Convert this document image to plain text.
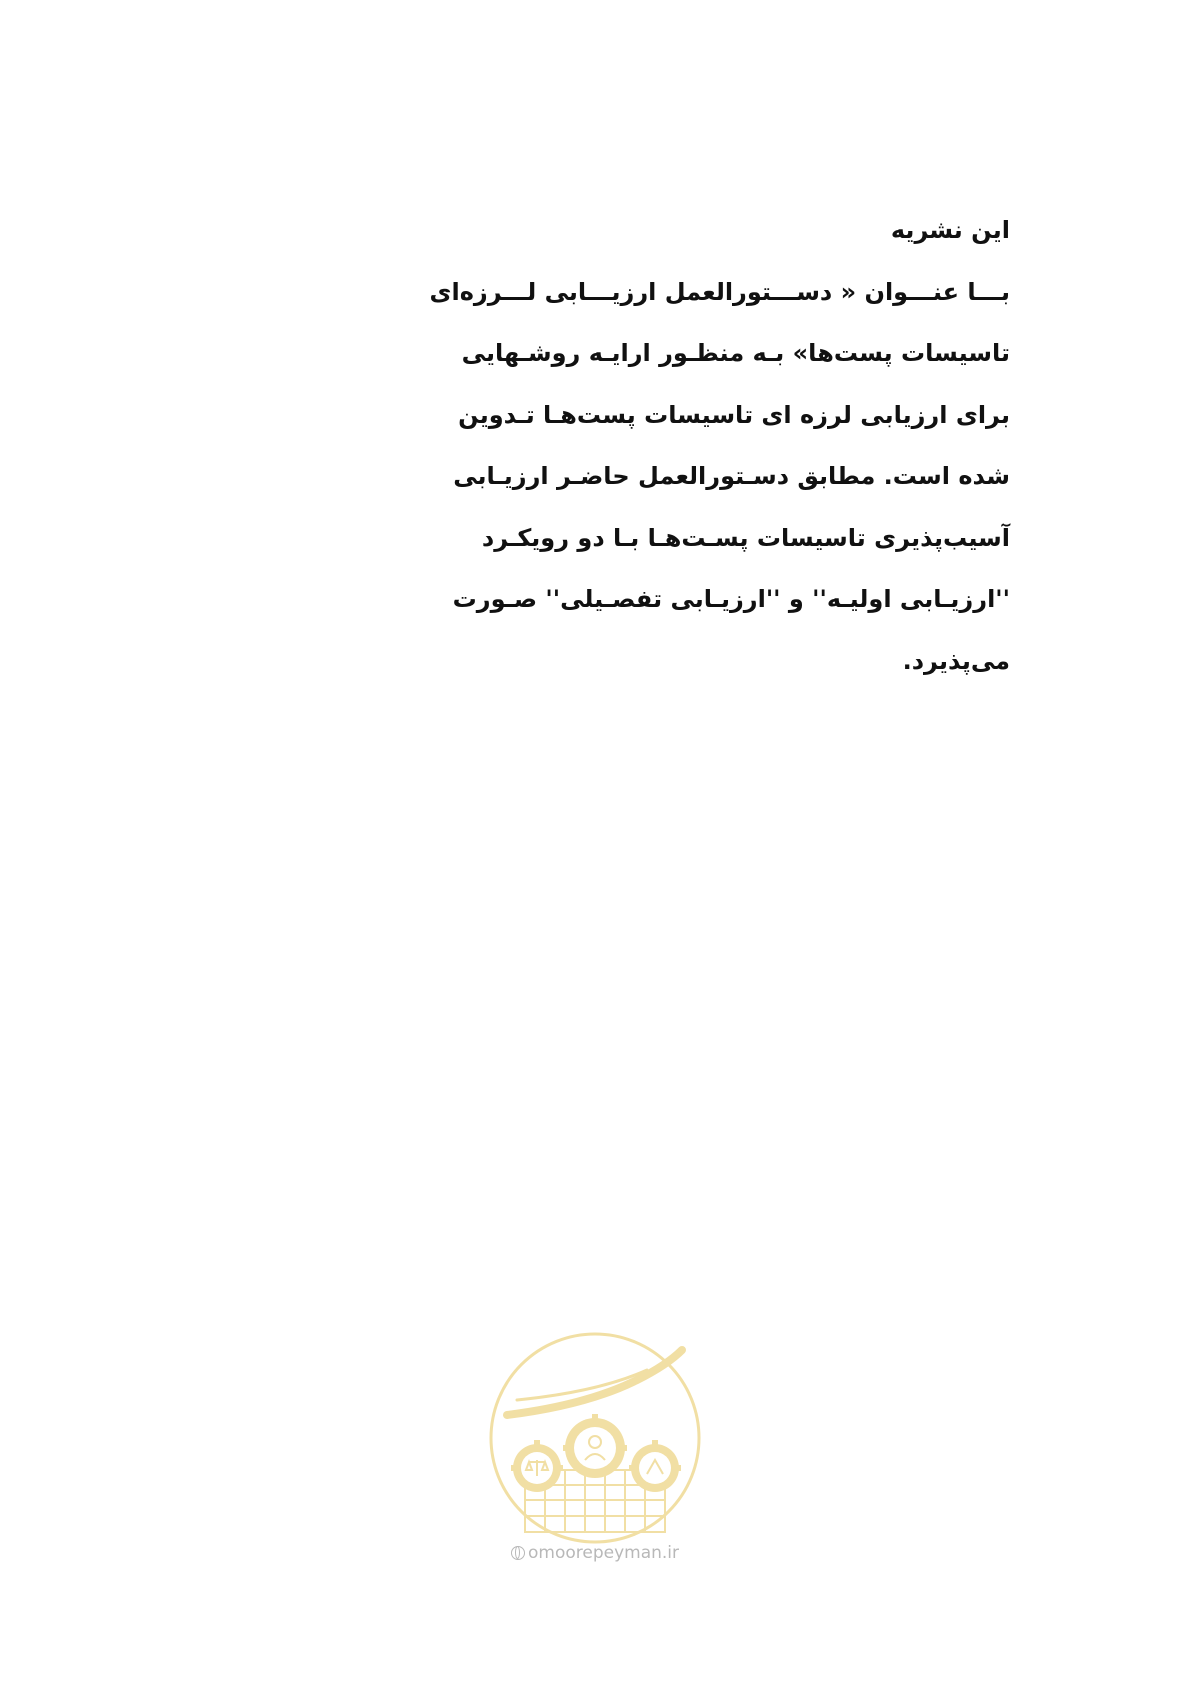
این نشریه
بـــا عنـــوان « دســـتورالعمل ارزیـــابی لـــرزه‌ای
تاسیسات پست‌ها» بـه منظـور ارایـه روشـهایی
برای ارزیابی لرزه ای تاسیسات پست‌هـا تـدوین
شده است. مطابق دسـتورالعمل حاضـر ارزیـابی
آسیب‌پذیری تاسیسات پسـت‌هـا بـا دو رویکـرد
''ارزیـابی اولیـه'' و ''ارزیـابی تفصـیلی'' صـورت
می‌پذیرد.
omoorepeyman.ir
